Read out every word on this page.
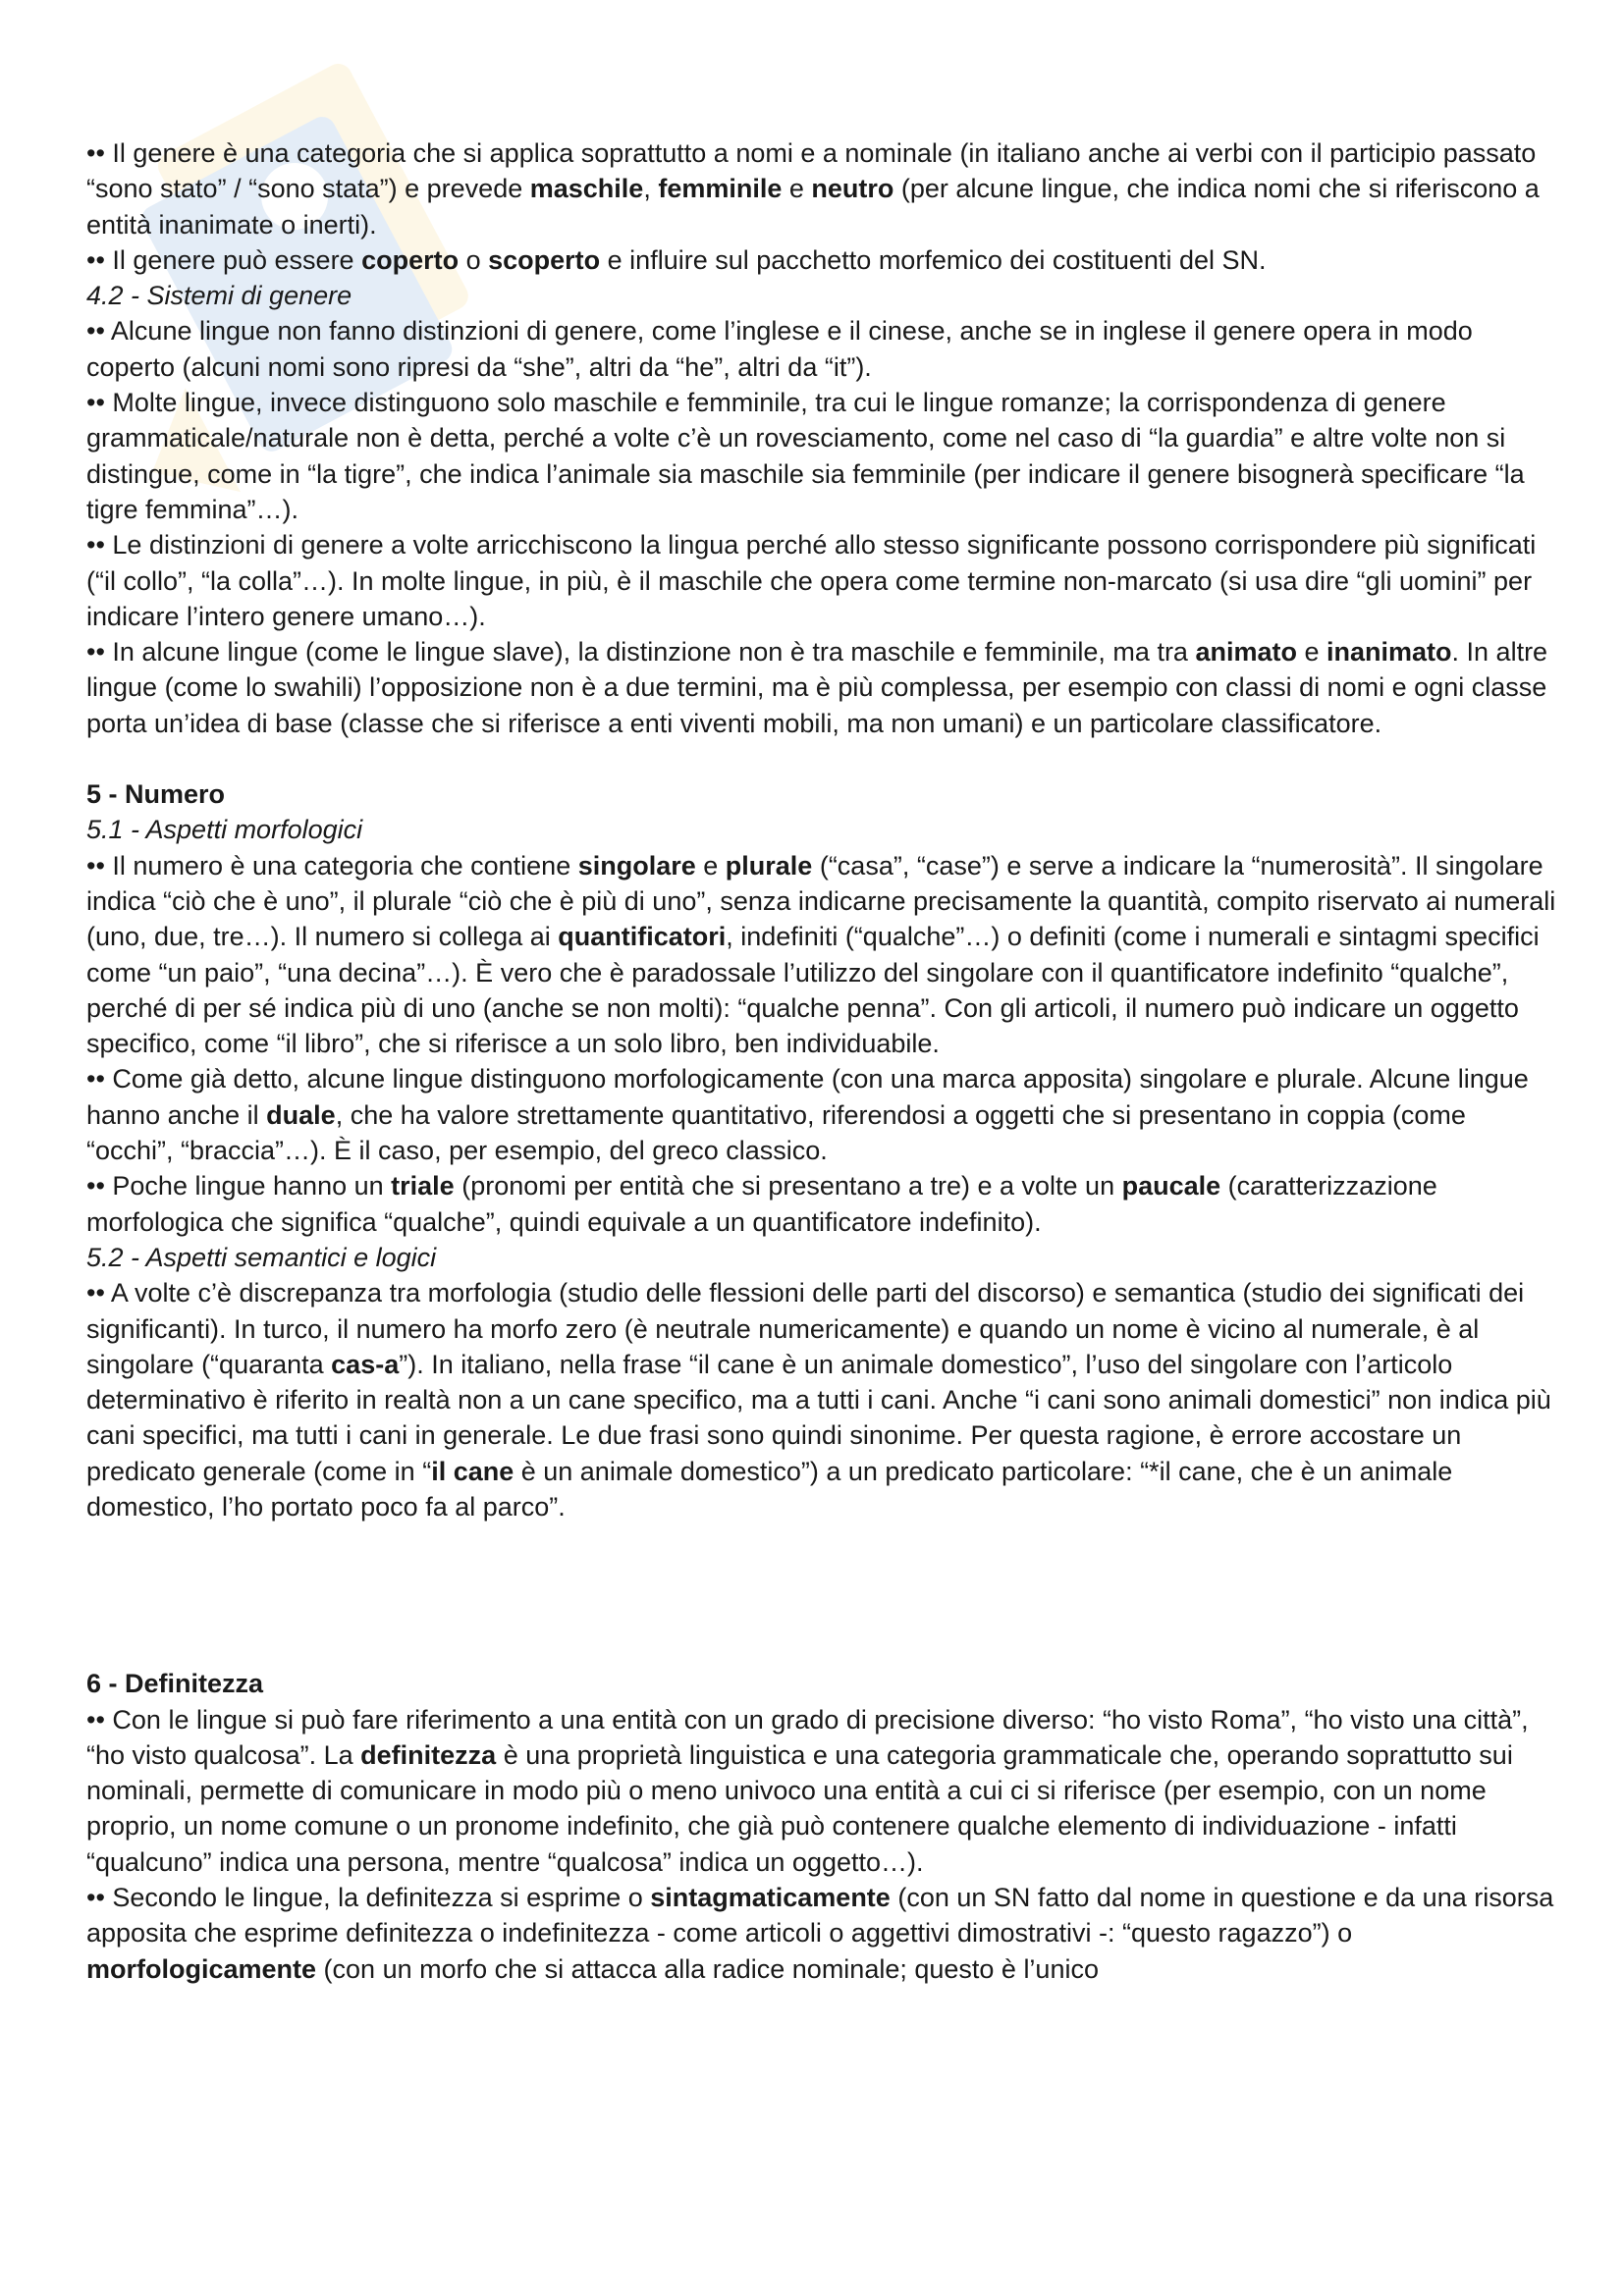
•• Il genere è una categoria che si applica soprattutto a nomi e a nominale (in italiano anche ai verbi con il participio passato “sono stato” / “sono stata”) e prevede maschile, femminile e neutro (per alcune lingue, che indica nomi che si riferiscono a entità inanimate o inerti).

•• Il genere può essere coperto o scoperto e influire sul pacchetto morfemico dei costituenti del SN.

4.2 - Sistemi di genere

•• Alcune lingue non fanno distinzioni di genere, come l’inglese e il cinese, anche se in inglese il genere opera in modo coperto (alcuni nomi sono ripresi da “she”, altri da “he”, altri da “it”).

•• Molte lingue, invece distinguono solo maschile e femminile, tra cui le lingue romanze; la corrispondenza di genere grammaticale/naturale non è detta, perché a volte c’è un rovesciamento, come nel caso di “la guardia” e altre volte non si distingue, come in “la tigre”, che indica l’animale sia maschile sia femminile (per indicare il genere bisognerà specificare “la tigre femmina”…).

•• Le distinzioni di genere a volte arricchiscono la lingua perché allo stesso significante possono corrispondere più significati (“il collo”, “la colla”…). In molte lingue, in più, è il maschile che opera come termine non-marcato (si usa dire “gli uomini” per indicare l’intero genere umano…).

•• In alcune lingue (come le lingue slave), la distinzione non è tra maschile e femminile, ma tra animato e inanimato. In altre lingue (come lo swahili) l’opposizione non è a due termini, ma è più complessa, per esempio con classi di nomi e ogni classe porta un’idea di base (classe che si riferisce a enti viventi mobili, ma non umani) e un particolare classificatore.

5 - Numero

5.1 - Aspetti morfologici

•• Il numero è una categoria che contiene singolare e plurale (“casa”, “case”) e serve a indicare la “numerosità”. Il singolare indica “ciò che è uno”, il plurale “ciò che è più di uno”, senza indicarne precisamente la quantità, compito riservato ai numerali (uno, due, tre…). Il numero si collega ai quantificatori, indefiniti (“qualche”…) o definiti (come i numerali e sintagmi specifici come “un paio”, “una decina”…). È vero che è paradossale l’utilizzo del singolare con il quantificatore indefinito “qualche”, perché di per sé indica più di uno (anche se non molti): “qualche penna”. Con gli articoli, il numero può indicare un oggetto specifico, come “il libro”, che si riferisce a un solo libro, ben individuabile.

•• Come già detto, alcune lingue distinguono morfologicamente (con una marca apposita) singolare e plurale. Alcune lingue hanno anche il duale, che ha valore strettamente quantitativo, riferendosi a oggetti che si presentano in coppia (come “occhi”, “braccia”…). È il caso, per esempio, del greco classico.

•• Poche lingue hanno un triale (pronomi per entità che si presentano a tre) e a volte un paucale (caratterizzazione morfologica che significa “qualche”, quindi equivale a un quantificatore indefinito).

5.2 - Aspetti semantici e logici

•• A volte c’è discrepanza tra morfologia (studio delle flessioni delle parti del discorso) e semantica (studio dei significati dei significanti). In turco, il numero ha morfo zero (è neutrale numericamente) e quando un nome è vicino al numerale, è al singolare (“quaranta cas-a”). In italiano, nella frase “il cane è un animale domestico”, l’uso del singolare con l’articolo determinativo è riferito in realtà non a un cane specifico, ma a tutti i cani. Anche “i cani sono animali domestici” non indica più cani specifici, ma tutti i cani in generale. Le due frasi sono quindi sinonime. Per questa ragione, è errore accostare un predicato generale (come in “il cane è un animale domestico”) a un predicato particolare: “*il cane, che è un animale domestico, l’ho portato poco fa al parco”.

6 - Definitezza

•• Con le lingue si può fare riferimento a una entità con un grado di precisione diverso: “ho visto Roma”, “ho visto una città”, “ho visto qualcosa”. La definitezza è una proprietà linguistica e una categoria grammaticale che, operando soprattutto sui nominali, permette di comunicare in modo più o meno univoco una entità a cui ci si riferisce (per esempio, con un nome proprio, un nome comune o un pronome indefinito, che già può contenere qualche elemento di individuazione - infatti “qualcuno” indica una persona, mentre “qualcosa” indica un oggetto…).

•• Secondo le lingue, la definitezza si esprime o sintagmaticamente (con un SN fatto dal nome in questione e da una risorsa apposita che esprime definitezza o indefinitezza - come articoli o aggettivi dimostrativi -: “questo ragazzo”) o morfologicamente (con un morfo che si attacca alla radice nominale; questo è l’unico
